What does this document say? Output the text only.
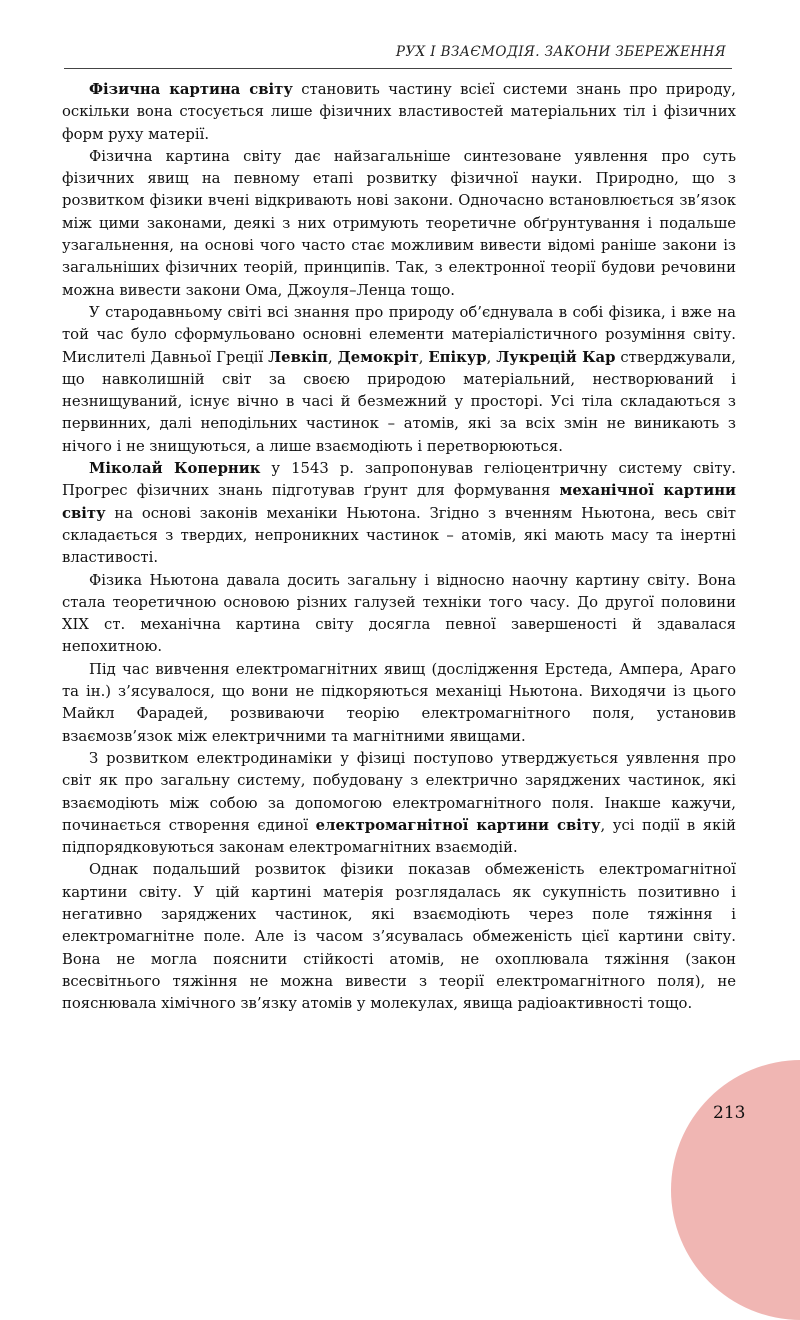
РУХ І ВЗАЄМОДІЯ. ЗАКОНИ ЗБЕРЕЖЕННЯ

Фізична картина світу становить частину всієї системи знань про природу, оскільки вона стосується лише фізичних властивостей матеріальних тіл і фізичних форм руху матерії.

Фізична картина світу дає найзагальніше синтезоване уявлення про суть фізичних явищ на певному етапі розвитку фізичної науки. Природно, що з розвитком фізики вчені відкривають нові закони. Одночасно встановлюється зв’язок між цими законами, деякі з них отримують теоретичне обґрунтування і подальше узагальнення, на основі чого часто стає можливим вивести відомі раніше закони із загальніших фізичних теорій, принципів. Так, з електронної теорії будови речовини можна вивести закони Ома, Джоуля–Ленца тощо.

У стародавньому світі всі знання про природу об’єднувала в собі фізика, і вже на той час було сформульовано основні елементи матеріалістичного розуміння світу. Мислителі Давньої Греції Левкіп, Демокріт, Епікур, Лукрецій Кар стверджували, що навколишній світ за своєю природою матеріальний, нестворюваний і незнищуваний, існує вічно в часі й безмежний у просторі. Усі тіла складаються з первинних, далі неподільних частинок – атомів, які за всіх змін не виникають з нічого і не знищуються, а лише взаємодіють і перетворюються.

Міколай Коперник у 1543 р. запропонував геліоцентричну систему світу. Прогрес фізичних знань підготував ґрунт для формування механічної картини світу на основі законів механіки Ньютона. Згідно з вченням Ньютона, весь світ складається з твердих, непроникних частинок – атомів, які мають масу та інертні властивості.

Фізика Ньютона давала досить загальну і відносно наочну картину світу. Вона стала теоретичною основою різних галузей техніки того часу. До другої половини XIX ст. механічна картина світу досягла певної завершеності й здавалася непохитною.

Під час вивчення електромагнітних явищ (дослідження Ерстеда, Ампера, Араго та ін.) з’ясувалося, що вони не підкоряються механіці Ньютона. Виходячи із цього Майкл Фарадей, розвиваючи теорію електромагнітного поля, установив взаємозв’язок між електричними та магнітними явищами.

З розвитком електродинаміки у фізиці поступово утверджується уявлення про світ як про загальну систему, побудовану з електрично заряджених частинок, які взаємодіють між собою за допомогою електромагнітного поля. Інакше кажучи, починається створення єдиної електромагнітної картини світу, усі події в якій підпорядковуються законам електромагнітних взаємодій.

Однак подальший розвиток фізики показав обмеженість електромагнітної картини світу. У цій картині матерія розглядалась як сукупність позитивно і негативно заряджених частинок, які взаємодіють через поле тяжіння і електромагнітне поле. Але із часом з’ясувалась обмеженість цієї картини світу. Вона не могла пояснити стійкості атомів, не охоплювала тяжіння (закон всесвітнього тяжіння не можна вивести з теорії електромагнітного поля), не пояснювала хімічного зв’язку атомів у молекулах, явища радіоактивності тощо.

213
